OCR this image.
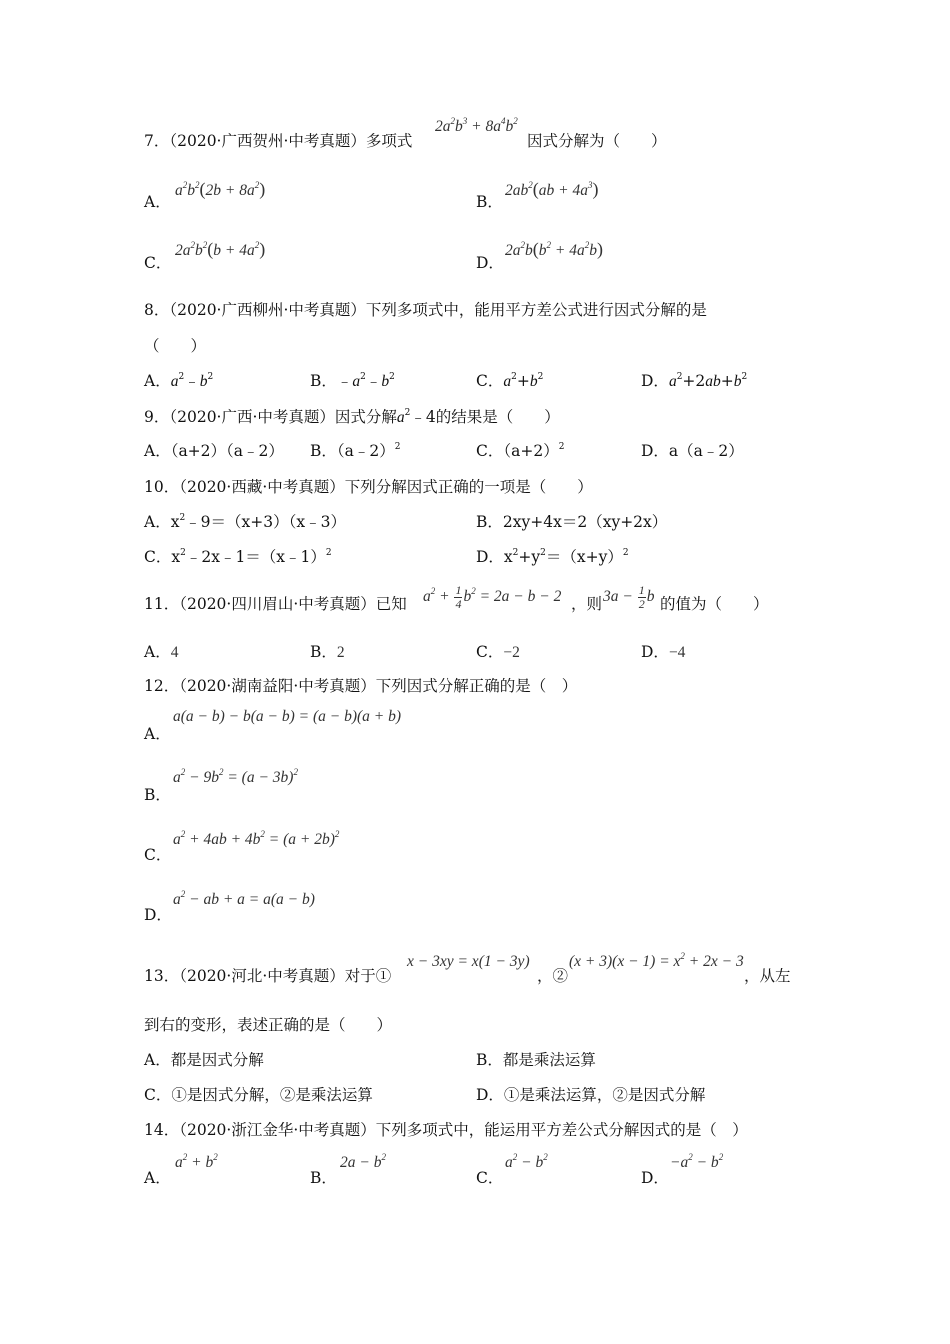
7．（2020·广西贺州·中考真题）多项式
$2a^2b^3 + 8a^4b^2$
因式分解为（　　）
A．
$a^2b^2(2b + 8a^2)$
B．
$2ab^2(ab + 4a^3)$
C．
$2a^2b^2(b + 4a^2)$
D．
$2a^2b(b^2 + 4a^2b)$
8．（2020·广西柳州·中考真题）下列多项式中，能用平方差公式进行因式分解的是
（　　）
A．$a^2﹣b^2$	B．$﹣a^2﹣b^2$	C．$a^2+b^2$	D．$a^2+2ab+b^2$
9．（2020·广西·中考真题）因式分解$a^2﹣4$的结果是（　　）
A．（a+2）（a﹣2） B．（a﹣2）$^2$	C．$(a+2)^2$	D．a（a﹣2）
10．（2020·西藏·中考真题）下列分解因式正确的一项是（　　）
A．$x^2﹣9=(x+3)(x﹣3)$	B．2xy+4x＝2（xy+2x）
C．$x^2﹣2x﹣1=(x﹣1)^2$	D．$x^2+y^2=(x+y)^2$
11．（2020·四川眉山·中考真题）已知 $a^2 + \frac{1}{4} b^2 = 2a - b - 2$ ，则 $3a - \frac{1}{2}$ b 的值为（　　）
A．4	B．2	C．−2	D．−4
12．（2020·湖南益阳·中考真题）下列因式分解正确的是（　）
a(a − b) − b(a − b) = (a − b)(a + b)
A．
$a^2 - 9b^2 = (a - 3b)^2$
B．
$a^2 + 4ab + 4b^2 = (a + 2b)^2$
C．
$a^2$ − ab + a = a(a − b)
D．
13．（2020·河北·中考真题）对于①
x − 3xy = x(1 − 3y)
，②
$(x + 3)(x - 1) = x^2 + 2x - 3$
，从左
到右的变形，表述正确的是（　　）
A．都是因式分解	B．都是乘法运算
C．①是因式分解，②是乘法运算	D．①是乘法运算，②是因式分解
14．（2020·浙江金华·中考真题）下列多项式中，能运用平方差公式分解因式的是（　）
A．
$a^2 + b^2$
B．
$2a - b^2$
C．
$a^2 - b^2$
D．
$-a^2 - b^2$
